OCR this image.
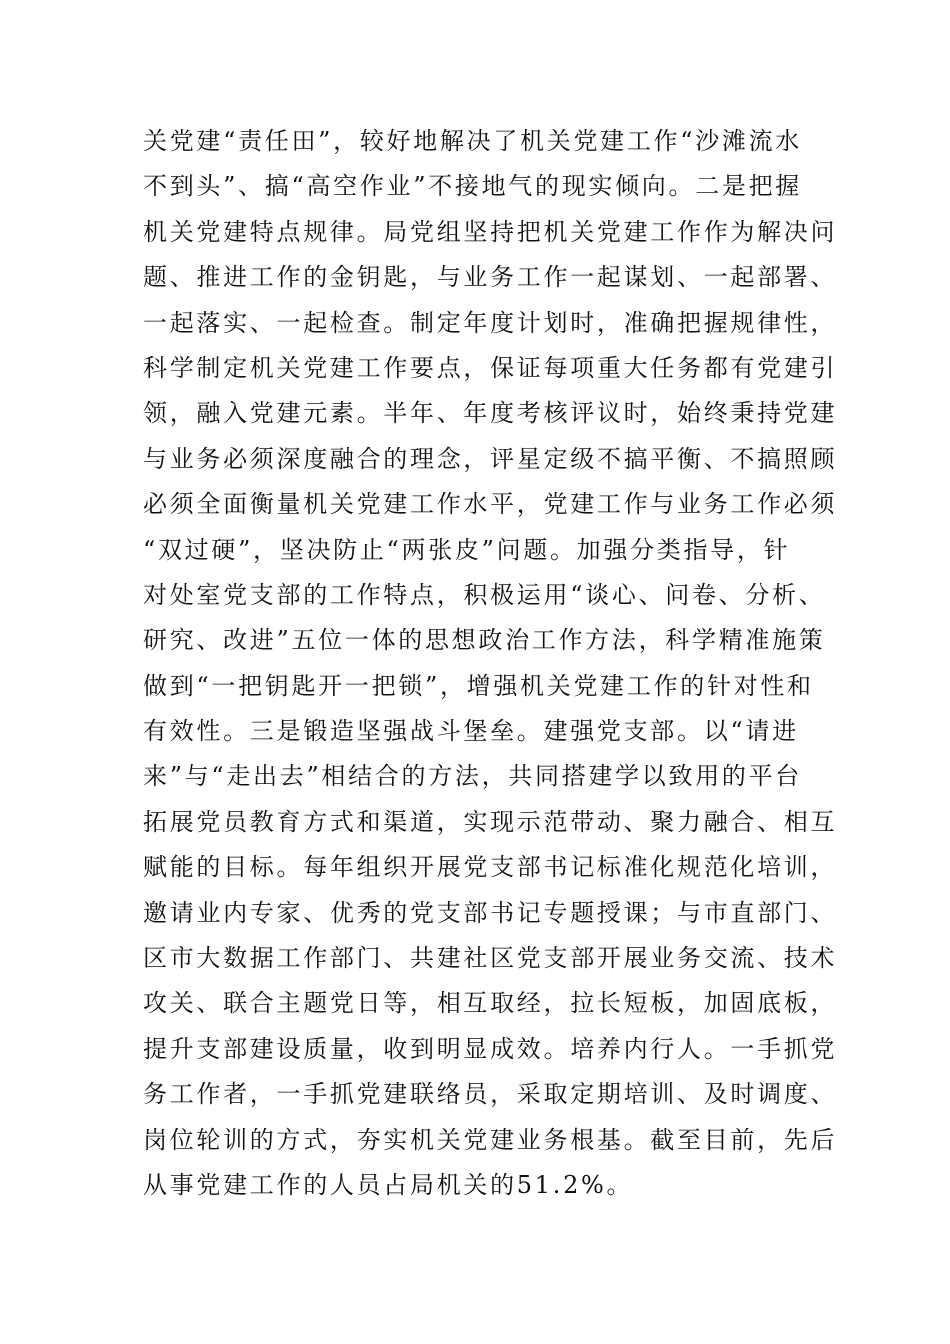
关党建“责任田”，较好地解决了机关党建工作“沙滩流水
不到头”、搞“高空作业”不接地气的现实倾向。二是把握
机关党建特点规律。局党组坚持把机关党建工作作为解决问
题、推进工作的金钥匙，与业务工作一起谋划、一起部署、
一起落实、一起检查。制定年度计划时，准确把握规律性，
科学制定机关党建工作要点，保证每项重大任务都有党建引
领，融入党建元素。半年、年度考核评议时，始终秉持党建
与业务必须深度融合的理念，评星定级不搞平衡、不搞照顾
必须全面衡量机关党建工作水平，党建工作与业务工作必须
“双过硬”，坚决防止“两张皮”问题。加强分类指导，针
对处室党支部的工作特点，积极运用“谈心、问卷、分析、
研究、改进”五位一体的思想政治工作方法，科学精准施策
做到“一把钥匙开一把锁”，增强机关党建工作的针对性和
有效性。三是锻造坚强战斗堡垒。建强党支部。以“请进
来”与“走出去”相结合的方法，共同搭建学以致用的平台
拓展党员教育方式和渠道，实现示范带动、聚力融合、相互
赋能的目标。每年组织开展党支部书记标准化规范化培训，
邀请业内专家、优秀的党支部书记专题授课；与市直部门、
区市大数据工作部门、共建社区党支部开展业务交流、技术
攻关、联合主题党日等，相互取经，拉长短板，加固底板，
提升支部建设质量，收到明显成效。培养内行人。一手抓党
务工作者，一手抓党建联络员，采取定期培训、及时调度、
岗位轮训的方式，夯实机关党建业务根基。截至目前，先后
从事党建工作的人员占局机关的51.2%。
